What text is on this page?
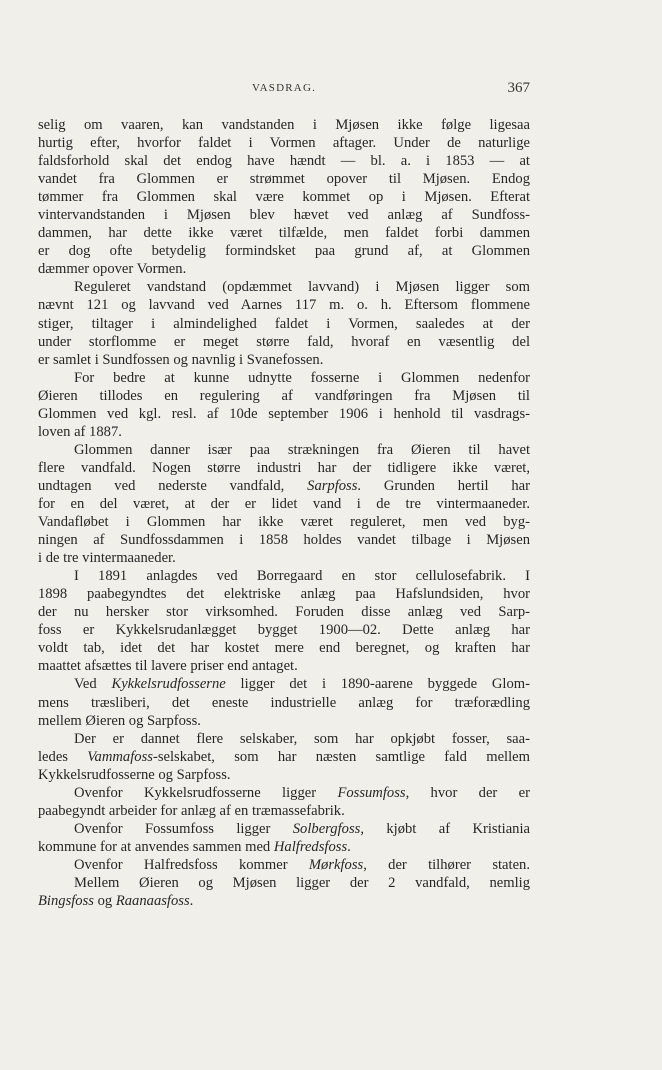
VASDRAG.	367
selig om vaaren, kan vandstanden i Mjøsen ikke følge ligesaa
hurtig efter, hvorfor faldet i Vormen aftager. Under de naturlige
faldsforhold skal det endog have hændt — bl. a. i 1853 — at
vandet fra Glommen er strømmet opover til Mjøsen. Endog
tømmer fra Glommen skal være kommet op i Mjøsen. Efterat
vintervandstanden i Mjøsen blev hævet ved anlæg af Sundfoss-
dammen, har dette ikke været tilfælde, men faldet forbi dammen
er dog ofte betydelig formindsket paa grund af, at Glommen
dæmmer opover Vormen.
Reguleret vandstand (opdæmmet lavvand) i Mjøsen ligger som
nævnt 121 og lavvand ved Aarnes 117 m. o. h. Eftersom flommene
stiger, tiltager i almindelighed faldet i Vormen, saaledes at der
under storflomme er meget større fald, hvoraf en væsentlig del
er samlet i Sundfossen og navnlig i Svanefossen.
For bedre at kunne udnytte fosserne i Glommen nedenfor
Øieren tillodes en regulering af vandføringen fra Mjøsen til
Glommen ved kgl. resl. af 10de september 1906 i henhold til vasdrags-
loven af 1887.
Glommen danner især paa strækningen fra Øieren til havet
flere vandfald. Nogen større industri har der tidligere ikke været,
undtagen ved nederste vandfald, Sarpfoss. Grunden hertil har
for en del været, at der er lidet vand i de tre vintermaaneder.
Vandafløbet i Glommen har ikke været reguleret, men ved byg-
ningen af Sundfossdammen i 1858 holdes vandet tilbage i Mjøsen
i de tre vintermaaneder.
I 1891 anlagdes ved Borregaard en stor cellulosefabrik. I
1898 paabegyndtes det elektriske anlæg paa Hafslundsiden, hvor
der nu hersker stor virksomhed. Foruden disse anlæg ved Sarp-
foss er Kykkelsrudanlægget bygget 1900—02. Dette anlæg har
voldt tab, idet det har kostet mere end beregnet, og kraften har
maattet afsættes til lavere priser end antaget.
Ved Kykkelsrudfosserne ligger det i 1890-aarene byggede Glom-
mens træsliberi, det eneste industrielle anlæg for træforædling
mellem Øieren og Sarpfoss.
Der er dannet flere selskaber, som har opkjøbt fosser, saa-
ledes Vammafoss-selskabet, som har næsten samtlige fald mellem
Kykkelsrudfosserne og Sarpfoss.
Ovenfor Kykkelsrudfosserne ligger Fossumfoss, hvor der er
paabegyndt arbeider for anlæg af en træmassefabrik.
Ovenfor Fossumfoss ligger Solbergfoss, kjøbt af Kristiania
kommune for at anvendes sammen med Halfredsfoss.
Ovenfor Halfredsfoss kommer Mørkfoss, der tilhører staten.
Mellem Øieren og Mjøsen ligger der 2 vandfald, nemlig
Bingsfoss og Raanaasfoss.
